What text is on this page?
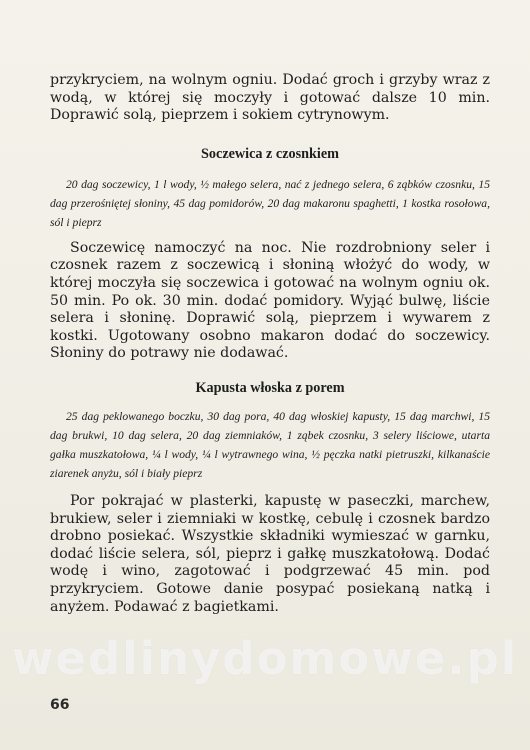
przykryciem, na wolnym ogniu. Dodać groch i grzyby wraz z wodą, w której się moczyły i gotować dalsze 10 min. Doprawić solą, pieprzem i sokiem cytrynowym.

Soczewica z czosnkiem

20 dag soczewicy, 1 l wody, ½ małego selera, nać z jednego selera, 6 ząbków czosnku, 15 dag przerośniętej słoniny, 45 dag pomidorów, 20 dag makaronu spaghetti, 1 kostka rosołowa, sól i pieprz

Soczewicę namoczyć na noc. Nie rozdrobniony seler i czosnek razem z soczewicą i słoniną włożyć do wody, w której moczyła się soczewica i gotować na wolnym ogniu ok. 50 min. Po ok. 30 min. dodać pomidory. Wyjąć bulwę, liście selera i słoninę. Doprawić solą, pieprzem i wywarem z kostki. Ugotowany osobno makaron dodać do soczewicy. Słoniny do potrawy nie dodawać.

Kapusta włoska z porem

25 dag peklowanego boczku, 30 dag pora, 40 dag włoskiej kapusty, 15 dag marchwi, 15 dag brukwi, 10 dag selera, 20 dag ziemniaków, 1 ząbek czosnku, 3 selery liściowe, utarta gałka muszkatołowa, ¼ l wody, ¼ l wytrawnego wina, ½ pęczka natki pietruszki, kilkanaście ziarenek anyżu, sól i biały pieprz

Por pokrajać w plasterki, kapustę w paseczki, marchew, brukiew, seler i ziemniaki w kostkę, cebulę i czosnek bardzo drobno posiekać. Wszystkie składniki wymieszać w garnku, dodać liście selera, sól, pieprz i gałkę muszkatołową. Dodać wodę i wino, zagotować i podgrzewać 45 min. pod przykryciem. Gotowe danie posypać posiekaną natką i anyżem. Podawać z bagietkami.

wedlinydomowe.pl
66
